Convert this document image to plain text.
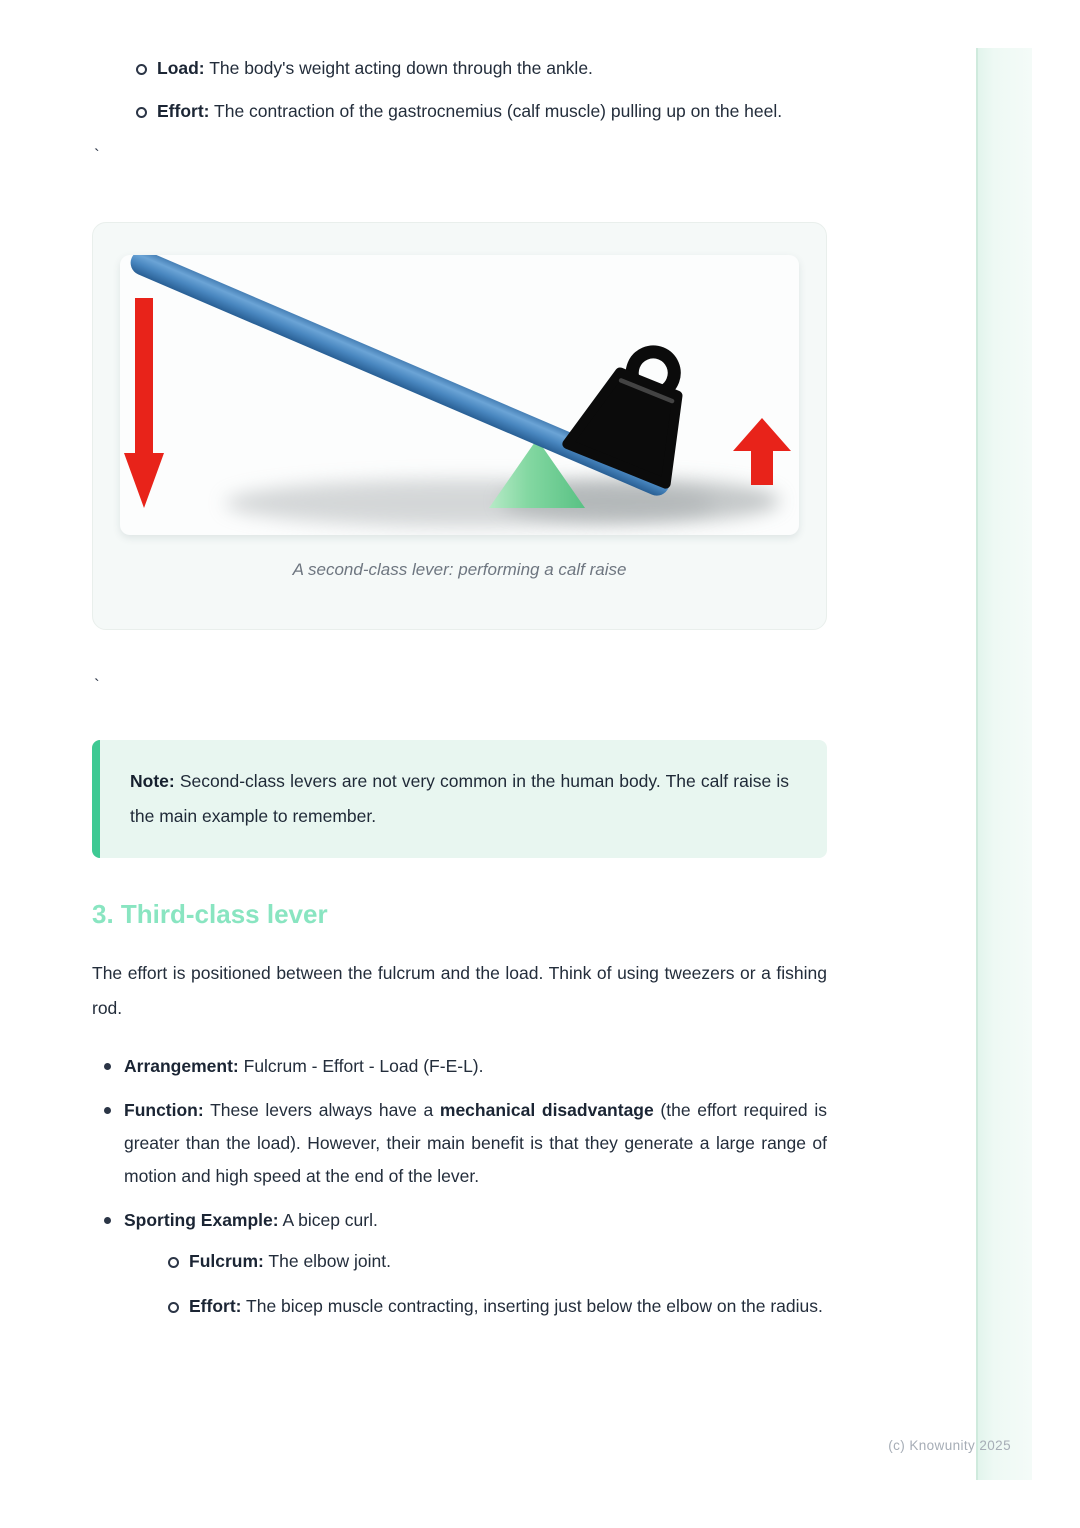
Load: The body's weight acting down through the ankle.
Effort: The contraction of the gastrocnemius (calf muscle) pulling up on the heel.
`
A second-class lever: performing a calf raise
`
Note: Second-class levers are not very common in the human body. The calf raise is the main example to remember.
3. Third-class lever

The effort is positioned between the fulcrum and the load. Think of using tweezers or a fishing rod.

Arrangement: Fulcrum - Effort - Load (F-E-L).
Function: These levers always have a mechanical disadvantage (the effort required is greater than the load). However, their main benefit is that they generate a large range of motion and high speed at the end of the lever.
Sporting Example: A bicep curl.
Fulcrum: The elbow joint.
Effort: The bicep muscle contracting, inserting just below the elbow on the radius.
(c) Knowunity 2025
